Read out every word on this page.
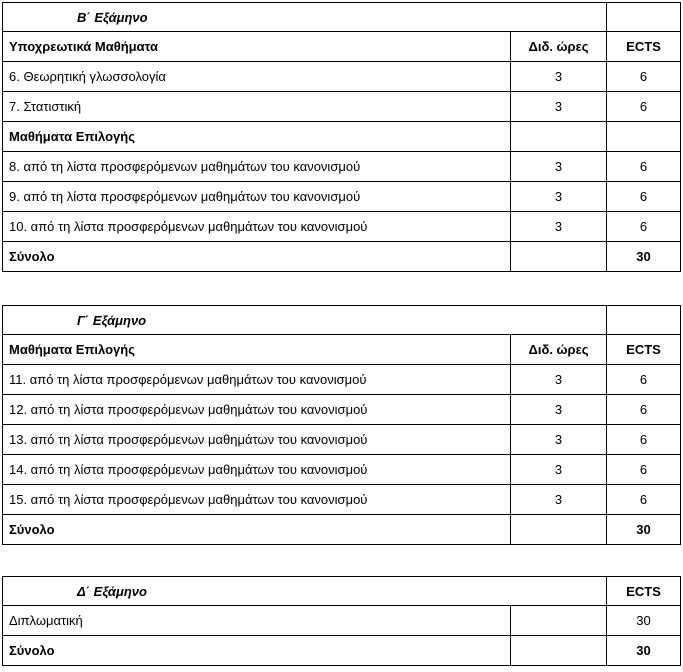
Β΄ Εξάμηνο		
Υποχρεωτικά Μαθήματα	Διδ. ώρες	ECTS
6. Θεωρητική γλωσσολογία	3	6
7. Στατιστική	3	6
Μαθήματα Επιλογής		
8. από τη λίστα προσφερόμενων μαθημάτων του κανονισμού	3	6
9. από τη λίστα προσφερόμενων μαθημάτων του κανονισμού	3	6
10. από τη λίστα προσφερόμενων μαθημάτων του κανονισμού	3	6
Σύνολο		30
Γ΄ Εξάμηνο		
Μαθήματα Επιλογής	Διδ. ώρες	ECTS
11. από τη λίστα προσφερόμενων μαθημάτων του κανονισμού	3	6
12. από τη λίστα προσφερόμενων μαθημάτων του κανονισμού	3	6
13. από τη λίστα προσφερόμενων μαθημάτων του κανονισμού	3	6
14. από τη λίστα προσφερόμενων μαθημάτων του κανονισμού	3	6
15. από τη λίστα προσφερόμενων μαθημάτων του κανονισμού	3	6
Σύνολο		30
Δ΄ Εξάμηνο		ECTS
Διπλωματική		30
Σύνολο		30
